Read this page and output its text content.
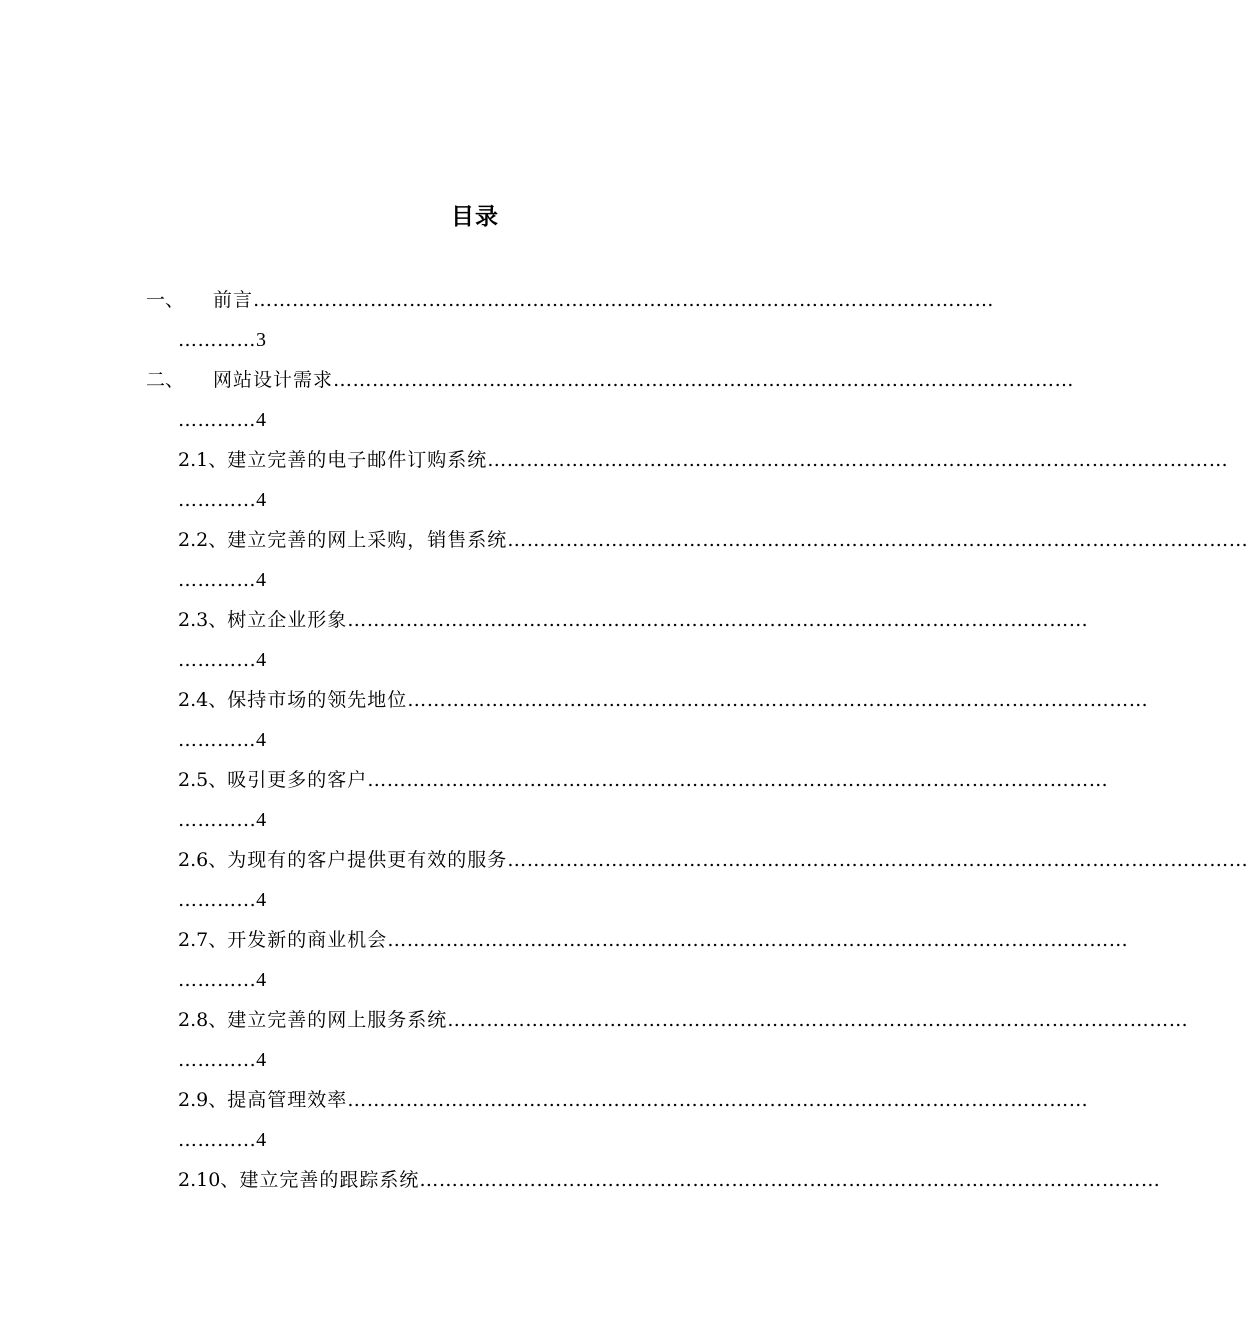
目录
一、	前言 ……………………………………………………………………………………………………
………… 3
二、	网站设计需求 ……………………………………………………………………………………………………
………… 4
2.1、 建立完善的电子邮件订购系统 ……………………………………………………………………………………………………
………... 4
2.2、 建立完善的网上采购，销售系统 ……………………………………………………………………………………………………
………… 4
2.3、 树立企业形象 ……………………………………………………………………………………………………
………... 4
2.4、 保持市场的领先地位 ……………………………………………………………………………………………………
………… 4
2.5、 吸引更多的客户 ……………………………………………………………………………………………………
………... 4
2.6、 为现有的客户提供更有效的服务 ……………………………………………………………………………………………………
………... 4
2.7、 开发新的商业机会 ……………………………………………………………………………………………………
………... 4
2.8、 建立完善的网上服务系统 ……………………………………………………………………………………………………
………... 4
2.9、 提高管理效率 ……………………………………………………………………………………………………
………... 4
2.10、 建立完善的跟踪系统 ……………………………………………………………………………………………………
